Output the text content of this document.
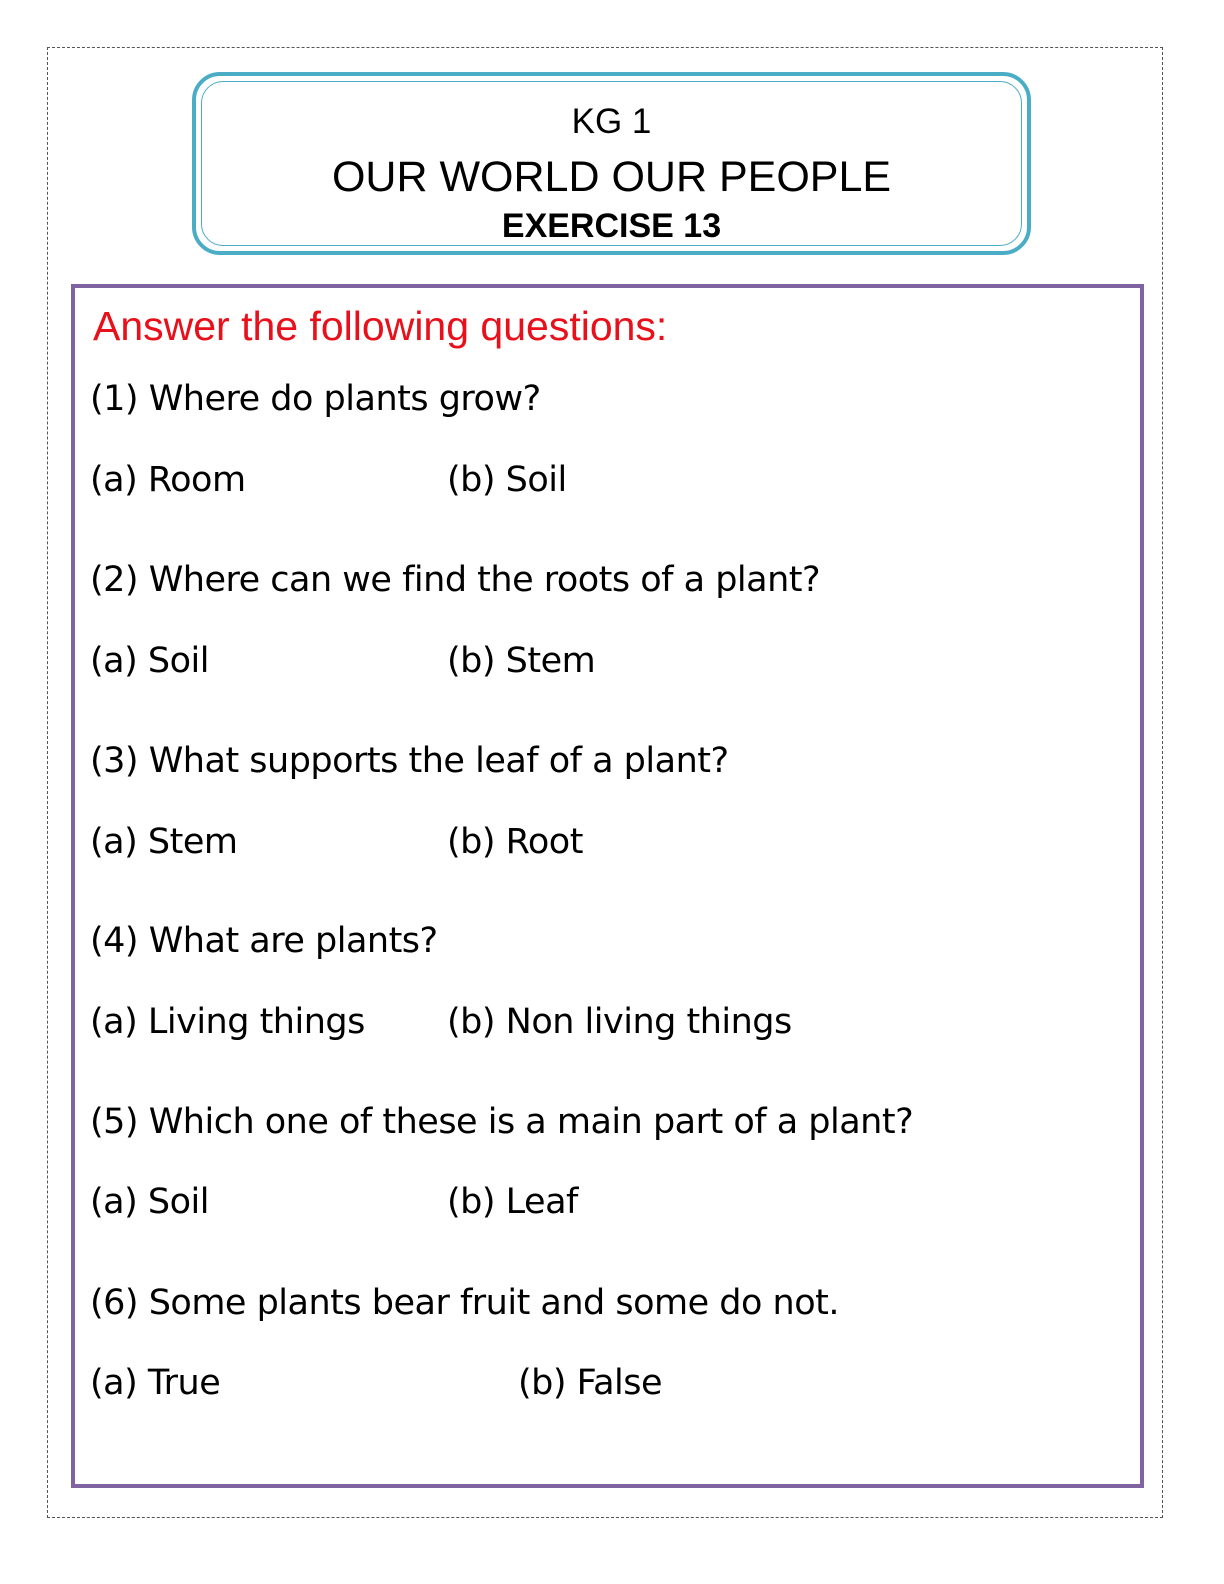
KG 1
OUR WORLD OUR PEOPLE
EXERCISE 13
Answer the following questions:
(1) Where do plants grow?
(a) Room	(b) Soil
(2) Where can we find the roots of a plant?
(a) Soil	(b) Stem
(3) What supports the leaf of a plant?
(a) Stem	(b) Root
(4) What are plants?
(a) Living things (b) Non living things
(5) Which one of these is a main part of a plant?
(a) Soil	(b) Leaf
(6) Some plants bear fruit and some do not.
(a) True	(b) False
